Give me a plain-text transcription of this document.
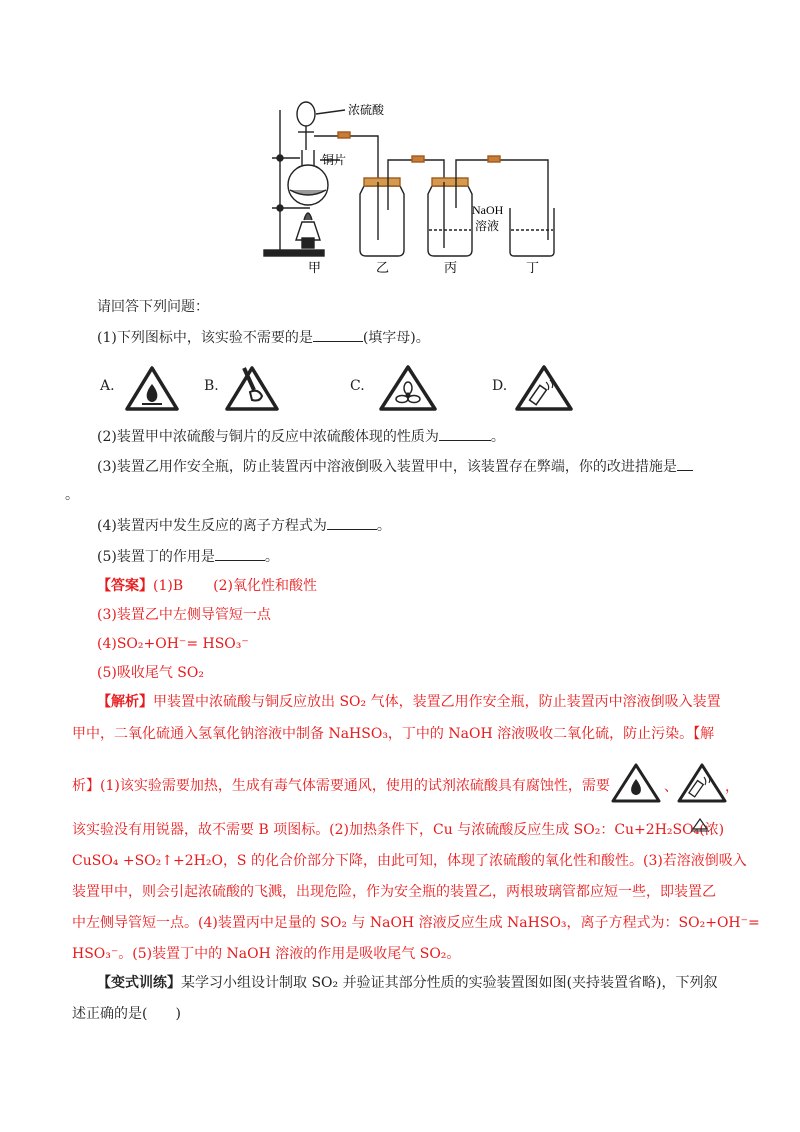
浓硫酸
铜片
NaOH
溶液
甲	乙	丙	丁
请回答下列问题：
(1)下列图标中，该实验不需要的是	(填字母)。
A.	B.	C.	D.
(2)装置甲中浓硫酸与铜片的反应中浓硫酸体现的性质为	。
(3)装置乙用作安全瓶，防止装置丙中溶液倒吸入装置甲中，该装置存在弊端，你的改进措施是
。
(4)装置丙中发生反应的离子方程式为	。
(5)装置丁的作用是	。
【答案】(1)B (2)氧化性和酸性
(3)装置乙中左侧导管短一点
(4)SO₂+OH⁻= HSO₃⁻
(5)吸收尾气 SO₂
【解析】甲装置中浓硫酸与铜反应放出 SO₂ 气体，装置乙用作安全瓶，防止装置丙中溶液倒吸入装置
甲中，二氧化硫通入氢氧化钠溶液中制备 NaHSO₃，丁中的 NaOH 溶液吸收二氧化硫，防止污染。【解
析】(1)该实验需要加热，生成有毒气体需要通风，使用的试剂浓硫酸具有腐蚀性，需要	、	，
该实验没有用锐器，故不需要 B 项图标。(2)加热条件下，Cu 与浓硫酸反应生成 SO₂：Cu+2H₂SO₄(浓)
CuSO₄ +SO₂↑+2H₂O，S 的化合价部分下降，由此可知，体现了浓硫酸的氧化性和酸性。(3)若溶液倒吸入
装置甲中，则会引起浓硫酸的飞溅，出现危险，作为安全瓶的装置乙，两根玻璃管都应短一些，即装置乙
中左侧导管短一点。(4)装置丙中足量的 SO₂ 与 NaOH 溶液反应生成 NaHSO₃，离子方程式为：SO₂+OH⁻=
HSO₃⁻。(5)装置丁中的 NaOH 溶液的作用是吸收尾气 SO₂。
【变式训练】某学习小组设计制取 SO₂ 并验证其部分性质的实验装置图如图(夹持装置省略)，下列叙
述正确的是( )
